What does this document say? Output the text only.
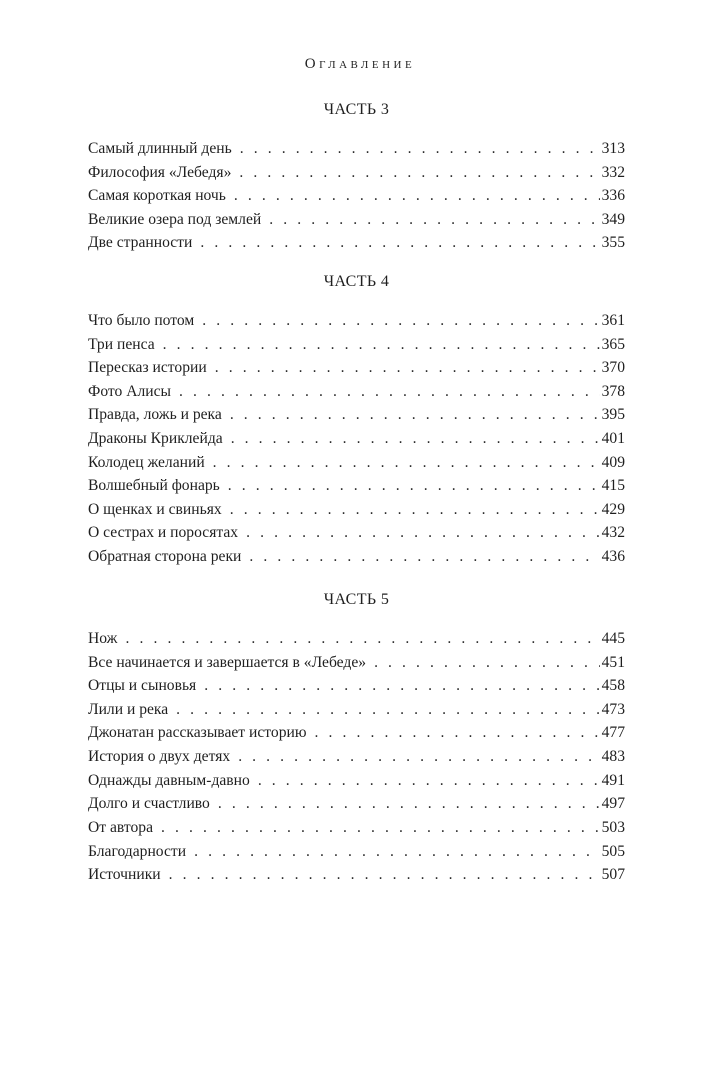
Оглавление
ЧАСТЬ 3
Самый длинный день . . .	313
Философия «Лебедя» . . .	332
Самая короткая ночь . . .	336
Великие озера под землей . . .	349
Две странности . . .	355
ЧАСТЬ 4
Что было потом . . .	361
Три пенса . . .	365
Пересказ истории . . .	370
Фото Алисы . . .	378
Правда, ложь и река . . .	395
Драконы Криклейда . . .	401
Колодец желаний . . .	409
Волшебный фонарь . . .	415
О щенках и свиньях . . .	429
О сестрах и поросятах . . .	432
Обратная сторона реки . . .	436
ЧАСТЬ 5
Нож . . .	445
Все начинается и завершается в «Лебеде» . . .	451
Отцы и сыновья . . .	458
Лили и река . . .	473
Джонатан рассказывает историю . . .	477
История о двух детях . . .	483
Однажды давным-давно . . .	491
Долго и счастливо . . .	497
От автора . . .	503
Благодарности . . .	505
Источники . . .	507
